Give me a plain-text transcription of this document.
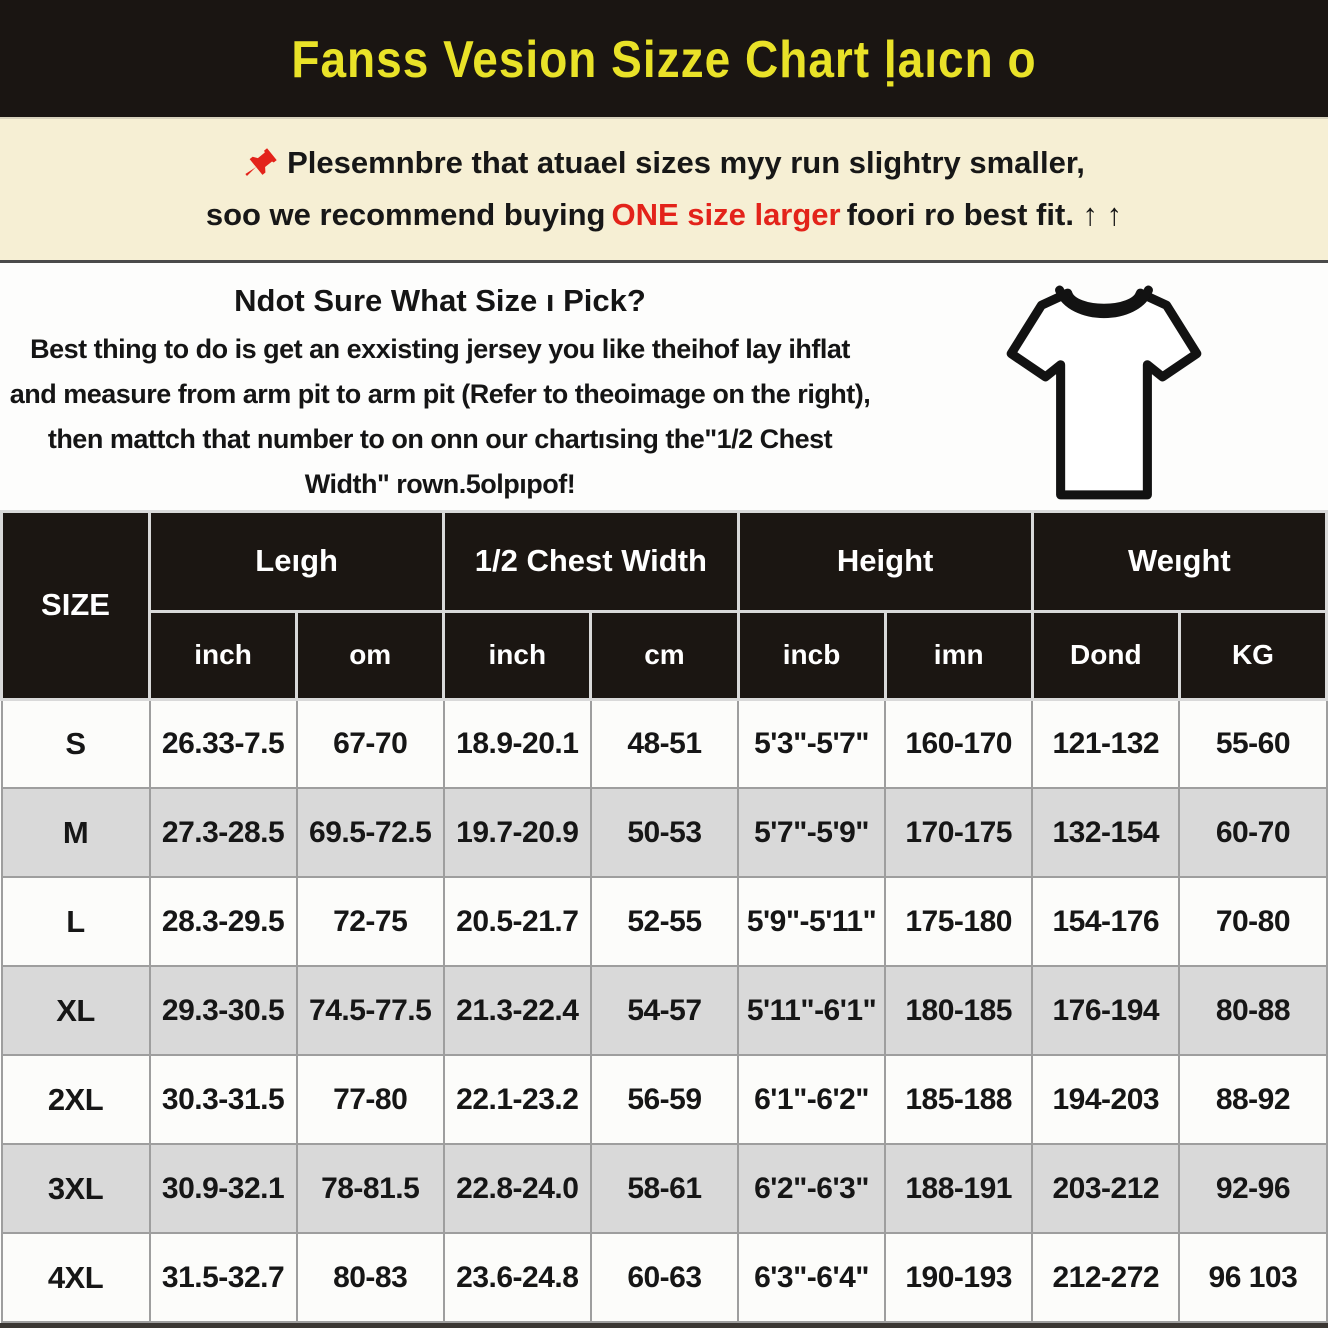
Fanss Vesion Sizze Chart ḷaıcn o
Plesemnbre that atuael sizes myy run slightry smaller,
soo we recommend buying ONE size larger foori ro best fit. ↑ ↑
Ndot Sure What Size ı Pick?
Best thing to do is get an exxisting jersey you like theihof lay ihflat
and measure from arm pit to arm pit (Refer to theoimage on the right),
then mattch that number to on onn our chartısing the"1/2 Chest
Width" rown.5olpıpof!
SIZE	Leıgh		1/2 Chest Width		Height		Weıght	
	inch	om	inch	cm	incb	imn	Dond	KG
S	26.33-7.5	67-70	18.9-20.1	48-51	5'3"-5'7"	160-170	121-132	55-60
M	27.3-28.5	69.5-72.5	19.7-20.9	50-53	5'7"-5'9"	170-175	132-154	60-70
L	28.3-29.5	72-75	20.5-21.7	52-55	5'9"-5'11"	175-180	154-176	70-80
XL	29.3-30.5	74.5-77.5	21.3-22.4	54-57	5'11"-6'1"	180-185	176-194	80-88
2XL	30.3-31.5	77-80	22.1-23.2	56-59	6'1"-6'2"	185-188	194-203	88-92
3XL	30.9-32.1	78-81.5	22.8-24.0	58-61	6'2"-6'3"	188-191	203-212	92-96
4XL	31.5-32.7	80-83	23.6-24.8	60-63	6'3"-6'4"	190-193	212-272	96 103
